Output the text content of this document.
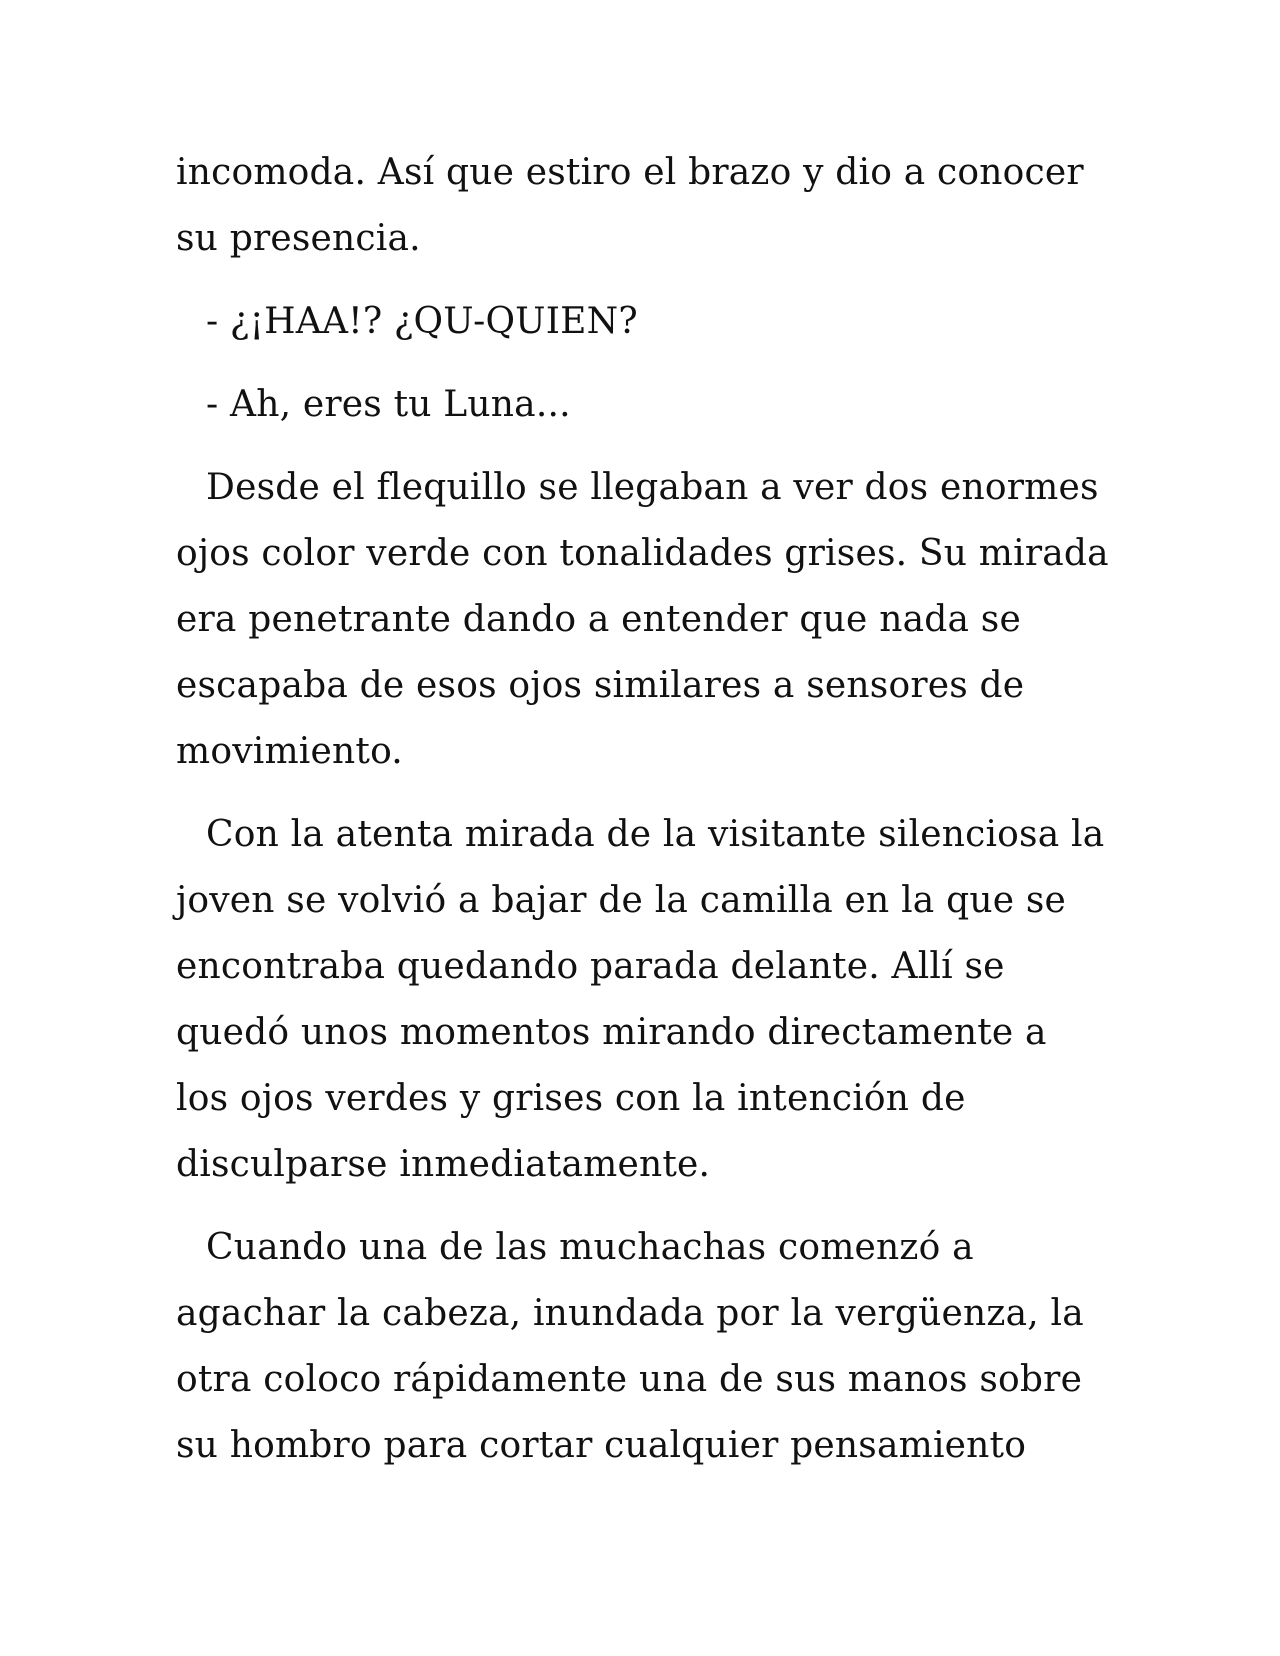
incomoda. Así que estiro el brazo y dio a conocer
su presencia.
- ¿¡HAA!? ¿QU-QUIEN?
- Ah, eres tu Luna...
Desde el flequillo se llegaban a ver dos enormes
ojos color verde con tonalidades grises. Su mirada
era penetrante dando a entender que nada se
escapaba de esos ojos similares a sensores de
movimiento.
Con la atenta mirada de la visitante silenciosa la
joven se volvió a bajar de la camilla en la que se
encontraba quedando parada delante. Allí se
quedó unos momentos mirando directamente a
los ojos verdes y grises con la intención de
disculparse inmediatamente.
Cuando una de las muchachas comenzó a
agachar la cabeza, inundada por la vergüenza, la
otra coloco rápidamente una de sus manos sobre
su hombro para cortar cualquier pensamiento
